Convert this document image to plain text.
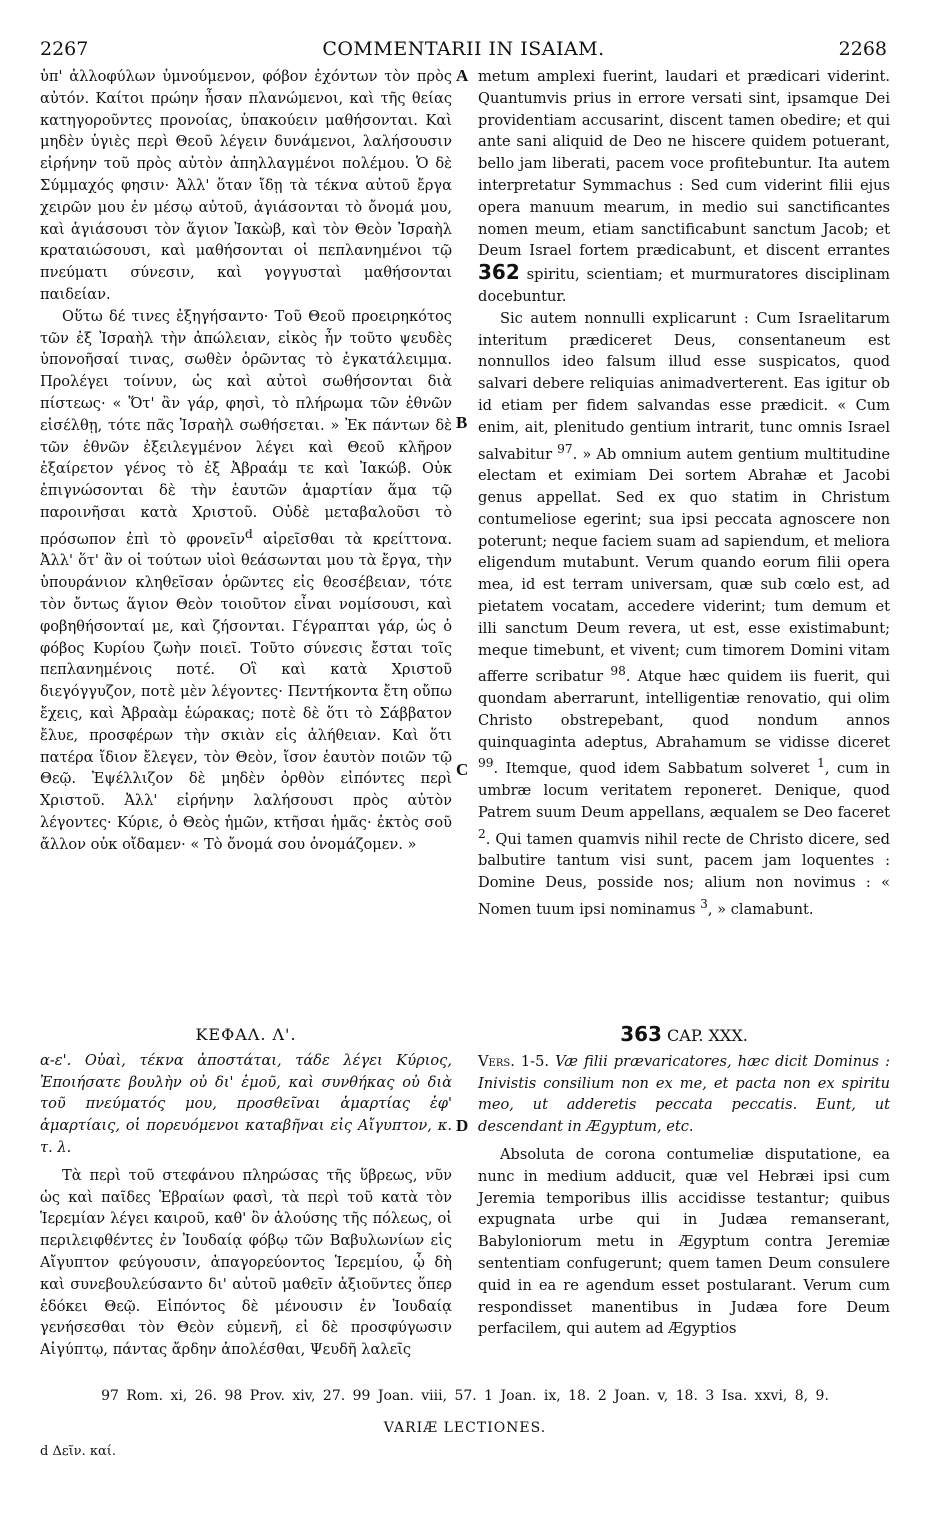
2267	COMMENTARII IN ISAIAM.	2268
A
B
C
D

ὑπ' ἀλλοφύλων ὑμνούμενον, φόβον ἐχόντων τὸν πρὸς αὐτόν. Καίτοι πρώην ἦσαν πλανώμενοι, καὶ τῆς θείας κατηγοροῦντες προνοίας, ὑπακούειν μαθήσονται. Καὶ μηδὲν ὑγιὲς περὶ Θεοῦ λέγειν δυνάμενοι, λαλήσουσιν εἰρήνην τοῦ πρὸς αὐτὸν ἀπηλλαγμένοι πολέμου. Ὁ δὲ Σύμμαχός φησιν· Ἀλλ' ὅταν ἴδῃ τὰ τέκνα αὐτοῦ ἔργα χειρῶν μου ἐν μέσῳ αὐτοῦ, ἁγιάσονται τὸ ὄνομά μου, καὶ ἁγιάσουσι τὸν ἅγιον Ἰακὼβ, καὶ τὸν Θεὸν Ἰσραὴλ κραταιώσουσι, καὶ μαθήσονται οἱ πεπλανημένοι τῷ πνεύματι σύνεσιν, καὶ γογγυσταὶ μαθήσονται παιδείαν.

Οὕτω δέ τινες ἐξηγήσαντο· Τοῦ Θεοῦ προειρηκότος τῶν ἐξ Ἰσραὴλ τὴν ἀπώλειαν, εἰκὸς ἦν τοῦτο ψευδὲς ὑπονοῆσαί τινας, σωθὲν ὁρῶντας τὸ ἐγκατάλειμμα. Προλέγει τοίνυν, ὡς καὶ αὐτοὶ σωθήσονται διὰ πίστεως· « Ὅτ' ἂν γάρ, φησὶ, τὸ πλήρωμα τῶν ἐθνῶν εἰσέλθῃ, τότε πᾶς Ἰσραὴλ σωθήσεται. » Ἐκ πάντων δὲ τῶν ἐθνῶν ἐξειλεγμένον λέγει καὶ Θεοῦ κλῆρον ἐξαίρετον γένος τὸ ἐξ Ἀβραάμ τε καὶ Ἰακώβ. Οὐκ ἐπιγνώσονται δὲ τὴν ἑαυτῶν ἁμαρτίαν ἅμα τῷ παροινῆσαι κατὰ Χριστοῦ. Οὐδὲ μεταβαλοῦσι τὸ πρόσωπον ἐπὶ τὸ φρονεῖν$^d$ αἱρεῖσθαι τὰ κρείττονα. Ἀλλ' ὅτ' ἂν οἱ τούτων υἱοὶ θεάσωνται μου τὰ ἔργα, τὴν ὑπουράνιον κληθεῖσαν ὁρῶντες εἰς θεοσέβειαν, τότε τὸν ὄντως ἅγιον Θεὸν τοιοῦτον εἶναι νομίσουσι, καὶ φοβηθήσονταί με, καὶ ζήσονται. Γέγραπται γάρ, ὡς ὁ φόβος Κυρίου ζωὴν ποιεῖ. Τοῦτο σύνεσις ἔσται τοῖς πεπλανημένοις ποτέ. Οἳ καὶ κατὰ Χριστοῦ διεγόγγυζον, ποτὲ μὲν λέγοντες· Πεντήκοντα ἔτη οὔπω ἔχεις, καὶ Ἀβραὰμ ἑώρακας; ποτὲ δὲ ὅτι τὸ Σάββατον ἔλυε, προσφέρων τὴν σκιὰν εἰς ἀλήθειαν. Καὶ ὅτι πατέρα ἴδιον ἔλεγεν, τὸν Θεὸν, ἴσον ἑαυτὸν ποιῶν τῷ Θεῷ. Ἐψέλλιζον δὲ μηδὲν ὀρθὸν εἰπόντες περὶ Χριστοῦ. Ἀλλ' εἰρήνην λαλήσουσι πρὸς αὐτὸν λέγοντες· Κύριε, ὁ Θεὸς ἡμῶν, κτῆσαι ἡμᾶς· ἐκτὸς σοῦ ἄλλον οὐκ οἴδαμεν· « Τὸ ὄνομά σου ὀνομάζομεν. »

metum amplexi fuerint, laudari et prædicari viderint. Quantumvis prius in errore versati sint, ipsamque Dei providentiam accusarint, discent tamen obedire; et qui ante sani aliquid de Deo ne hiscere quidem potuerant, bello jam liberati, pacem voce profitebuntur. Ita autem interpretatur Symmachus : Sed cum viderint filii ejus opera manuum mearum, in medio sui sanctificantes nomen meum, etiam sanctificabunt sanctum Jacob; et Deum Israel fortem prædicabunt, et discent errantes 362 spiritu, scientiam; et murmuratores disciplinam docebuntur.

Sic autem nonnulli explicarunt : Cum Israelitarum interitum prædiceret Deus, consentaneum est nonnullos ideo falsum illud esse suspicatos, quod salvari debere reliquias animadverterent. Eas igitur ob id etiam per fidem salvandas esse prædicit. « Cum enim, ait, plenitudo gentium intrarit, tunc omnis Israel salvabitur $^{97}$. » Ab omnium autem gentium multitudine electam et eximiam Dei sortem Abrahæ et Jacobi genus appellat. Sed ex quo statim in Christum contumeliose egerint; sua ipsi peccata agnoscere non poterunt; neque faciem suam ad sapiendum, et meliora eligendum mutabunt. Verum quando eorum filii opera mea, id est terram universam, quæ sub cœlo est, ad pietatem vocatam, accedere viderint; tum demum et illi sanctum Deum revera, ut est, esse existimabunt; meque timebunt, et vivent; cum timorem Domini vitam afferre scribatur $^{98}$. Atque hæc quidem iis fuerit, qui quondam aberrarunt, intelligentiæ renovatio, qui olim Christo obstrepebant, quod nondum annos quinquaginta adeptus, Abrahamum se vidisse diceret $^{99}$. Itemque, quod idem Sabbatum solveret $^1$, cum in umbræ locum veritatem reponeret. Denique, quod Patrem suum Deum appellans, æqualem se Deo faceret $^2$. Qui tamen quamvis nihil recte de Christo dicere, sed balbutire tantum visi sunt, pacem jam loquentes : Domine Deus, posside nos; alium non novimus : « Nomen tuum ipsi nominamus $^3$, » clamabunt.

ΚΕΦΑΛ. Λ'.

α-ε'. Οὐαὶ, τέκνα ἀποστάται, τάδε λέγει Κύριος, Ἐποιήσατε βουλὴν οὐ δι' ἐμοῦ, καὶ συνθήκας οὐ διὰ τοῦ πνεύματός μου, προσθεῖναι ἁμαρτίας ἐφ' ἁμαρτίαις, οἱ πορευόμενοι καταβῆναι εἰς Αἴγυπτον, κ. τ. λ.

Τὰ περὶ τοῦ στεφάνου πληρώσας τῆς ὕβρεως, νῦν ὡς καὶ παῖδες Ἑβραίων φασὶ, τὰ περὶ τοῦ κατὰ τὸν Ἱερεμίαν λέγει καιροῦ, καθ' ὃν ἁλούσης τῆς πόλεως, οἱ περιλειφθέντες ἐν Ἰουδαίᾳ φόβῳ τῶν Βαβυλωνίων εἰς Αἴγυπτον φεύγουσιν, ἀπαγορεύοντος Ἱερεμίου, ᾧ δὴ καὶ συνεβουλεύσαντο δι' αὐτοῦ μαθεῖν ἀξιοῦντες ὅπερ ἐδόκει Θεῷ. Εἰπόντος δὲ μένουσιν ἐν Ἰουδαίᾳ γενήσεσθαι τὸν Θεὸν εὐμενῆ, εἰ δὲ προσφύγωσιν Αἰγύπτῳ, πάντας ἄρδην ἀπολέσθαι, Ψευδῆ λαλεῖς

363 CAP. XXX.

Vers. 1-5. Væ filii prævaricatores, hæc dicit Dominus : Inivistis consilium non ex me, et pacta non ex spiritu meo, ut adderetis peccata peccatis. Eunt, ut descendant in Ægyptum, etc.

Absoluta de corona contumeliæ disputatione, ea nunc in medium adducit, quæ vel Hebræi ipsi cum Jeremia temporibus illis accidisse testantur; quibus expugnata urbe qui in Judæa remanserant, Babyloniorum metu in Ægyptum contra Jeremiæ sententiam confugerunt; quem tamen Deum consulere quid in ea re agendum esset postularant. Verum cum respondisset manentibus in Judæa fore Deum perfacilem, qui autem ad Ægyptios

97 Rom. xi, 26. 98 Prov. xiv, 27. 99 Joan. viii, 57. 1 Joan. ix, 18. 2 Joan. v, 18. 3 Isa. xxvi, 8, 9.
VARIÆ LECTIONES.
d Δεῖν. καί.
